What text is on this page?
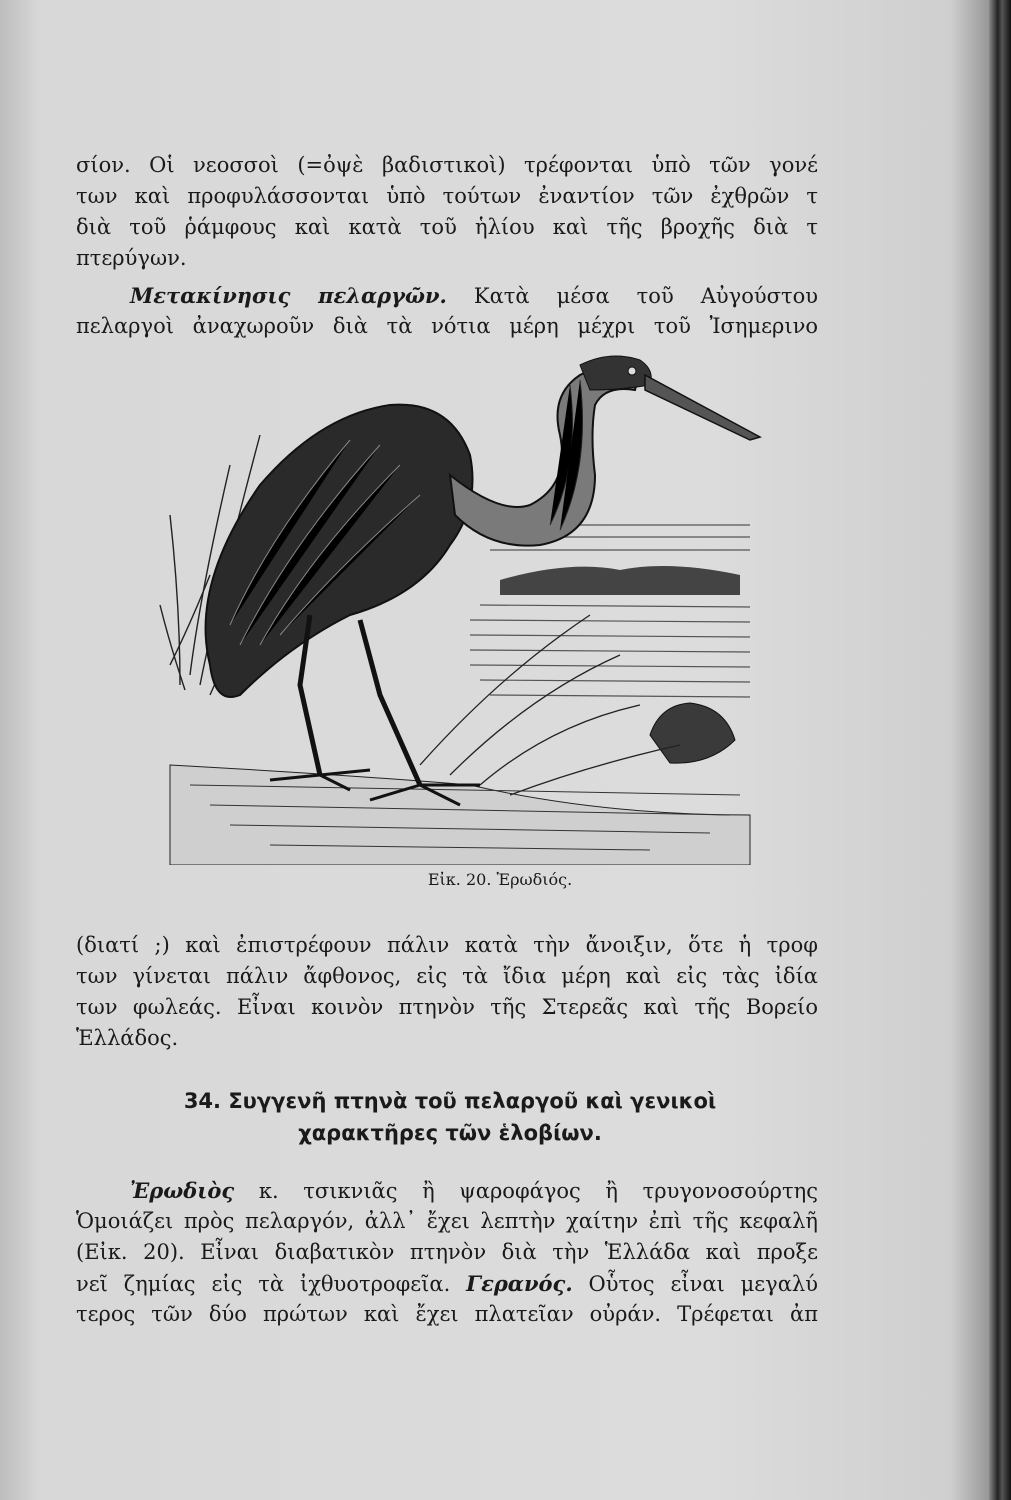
σίον. Οἱ νεοσσοὶ (=ὀψὲ βαδιστικοὶ) τρέφονται ὑπὸ τῶν γονέ
των καὶ προφυλάσσονται ὑπὸ τούτων ἐναντίον τῶν ἐχθρῶν τ
διὰ τοῦ ῥάμφους καὶ κατὰ τοῦ ἡλίου καὶ τῆς βροχῆς διὰ τ
πτερύγων.
Μετακίνησις πελαργῶν. Κατὰ μέσα τοῦ Αὐγούστου
πελαργοὶ ἀναχωροῦν διὰ τὰ νότια μέρη μέχρι τοῦ Ἰσημερινο
Εἰκ. 20. Ἐρωδιός.
(διατί ;) καὶ ἐπιστρέφουν πάλιν κατὰ τὴν ἄνοιξιν, ὅτε ἡ τροφ
των γίνεται πάλιν ἄφθονος, εἰς τὰ ἴδια μέρη καὶ εἰς τὰς ἰδία
των φωλεάς. Εἶναι κοινὸν πτηνὸν τῆς Στερεᾶς καὶ τῆς Βορείο
Ἑλλάδος.
34. Συγγενῆ πτηνὰ τοῦ πελαργοῦ καὶ γενικοὶ
χαρακτῆρες τῶν ἑλοβίων.
Ἐρωδιὸς κ. τσικνιᾶς ἢ ψαροφάγος ἢ τρυγονοσούρτης
Ὁμοιάζει πρὸς πελαργόν, ἀλλ᾽ ἔχει λεπτὴν χαίτην ἐπὶ τῆς κεφαλῆ
(Εἰκ. 20). Εἶναι διαβατικὸν πτηνὸν διὰ τὴν Ἑλλάδα καὶ προξε
νεῖ ζημίας εἰς τὰ ἰχθυοτροφεῖα. Γερανός. Οὗτος εἶναι μεγαλύ
τερος τῶν δύο πρώτων καὶ ἔχει πλατεῖαν οὐράν. Τρέφεται ἀπ
